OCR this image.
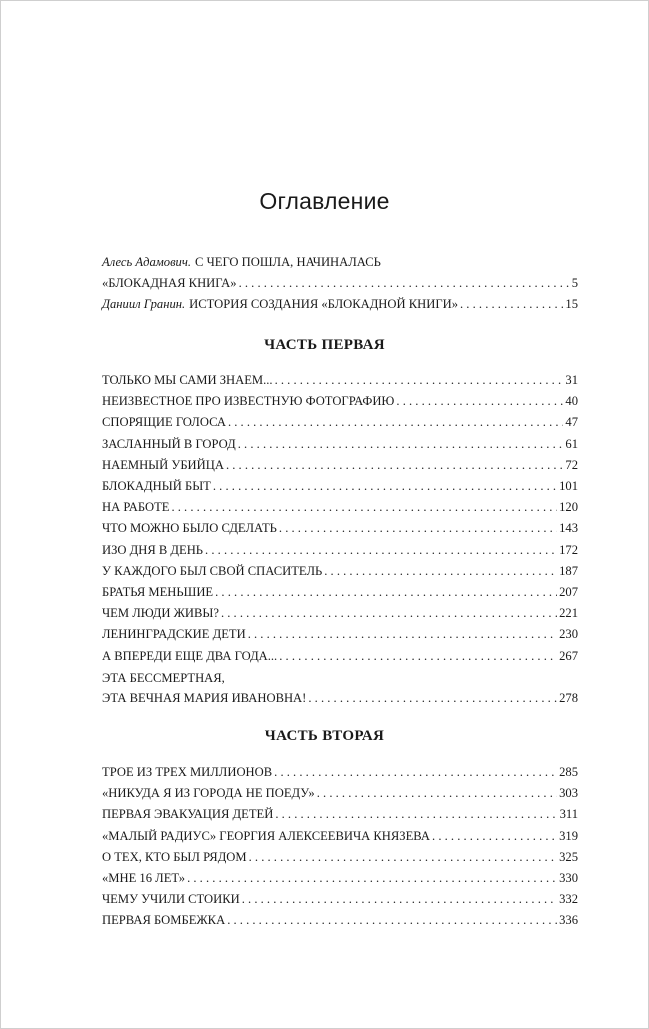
Оглавление
Алесь Адамович. С ЧЕГО ПОШЛА, НАЧИНАЛАСЬ
«БЛОКАДНАЯ КНИГА» . . .	5
Даниил Гранин. ИСТОРИЯ СОЗДАНИЯ «БЛОКАДНОЙ КНИГИ» . . .	15
ЧАСТЬ ПЕРВАЯ
ТОЛЬКО МЫ САМИ ЗНАЕМ... . . .	31
НЕИЗВЕСТНОЕ ПРО ИЗВЕСТНУЮ ФОТОГРАФИЮ . . .	40
СПОРЯЩИЕ ГОЛОСА . . .	47
ЗАСЛАННЫЙ В ГОРОД . . .	61
НАЕМНЫЙ УБИЙЦА . . .	72
БЛОКАДНЫЙ БЫТ . . .	101
НА РАБОТЕ . . .	120
ЧТО МОЖНО БЫЛО СДЕЛАТЬ . . .	143
ИЗО ДНЯ В ДЕНЬ . . .	172
У КАЖДОГО БЫЛ СВОЙ СПАСИТЕЛЬ . . .	187
БРАТЬЯ МЕНЬШИЕ . . .	207
ЧЕМ ЛЮДИ ЖИВЫ? . . .	221
ЛЕНИНГРАДСКИЕ ДЕТИ . . .	230
А ВПЕРЕДИ ЕЩЕ ДВА ГОДА... . . .	267
ЭТА БЕССМЕРТНАЯ,
ЭТА ВЕЧНАЯ МАРИЯ ИВАНОВНА! . . .	278
ЧАСТЬ ВТОРАЯ
ТРОЕ ИЗ ТРЕХ МИЛЛИОНОВ . . .	285
«НИКУДА Я ИЗ ГОРОДА НЕ ПОЕДУ» . . .	303
ПЕРВАЯ ЭВАКУАЦИЯ ДЕТЕЙ . . .	311
«МАЛЫЙ РАДИУС» ГЕОРГИЯ АЛЕКСЕЕВИЧА КНЯЗЕВА . . .	319
О ТЕХ, КТО БЫЛ РЯДОМ . . .	325
«МНЕ 16 ЛЕТ» . . .	330
ЧЕМУ УЧИЛИ СТОИКИ . . .	332
ПЕРВАЯ БОМБЕЖКА . . .	336
